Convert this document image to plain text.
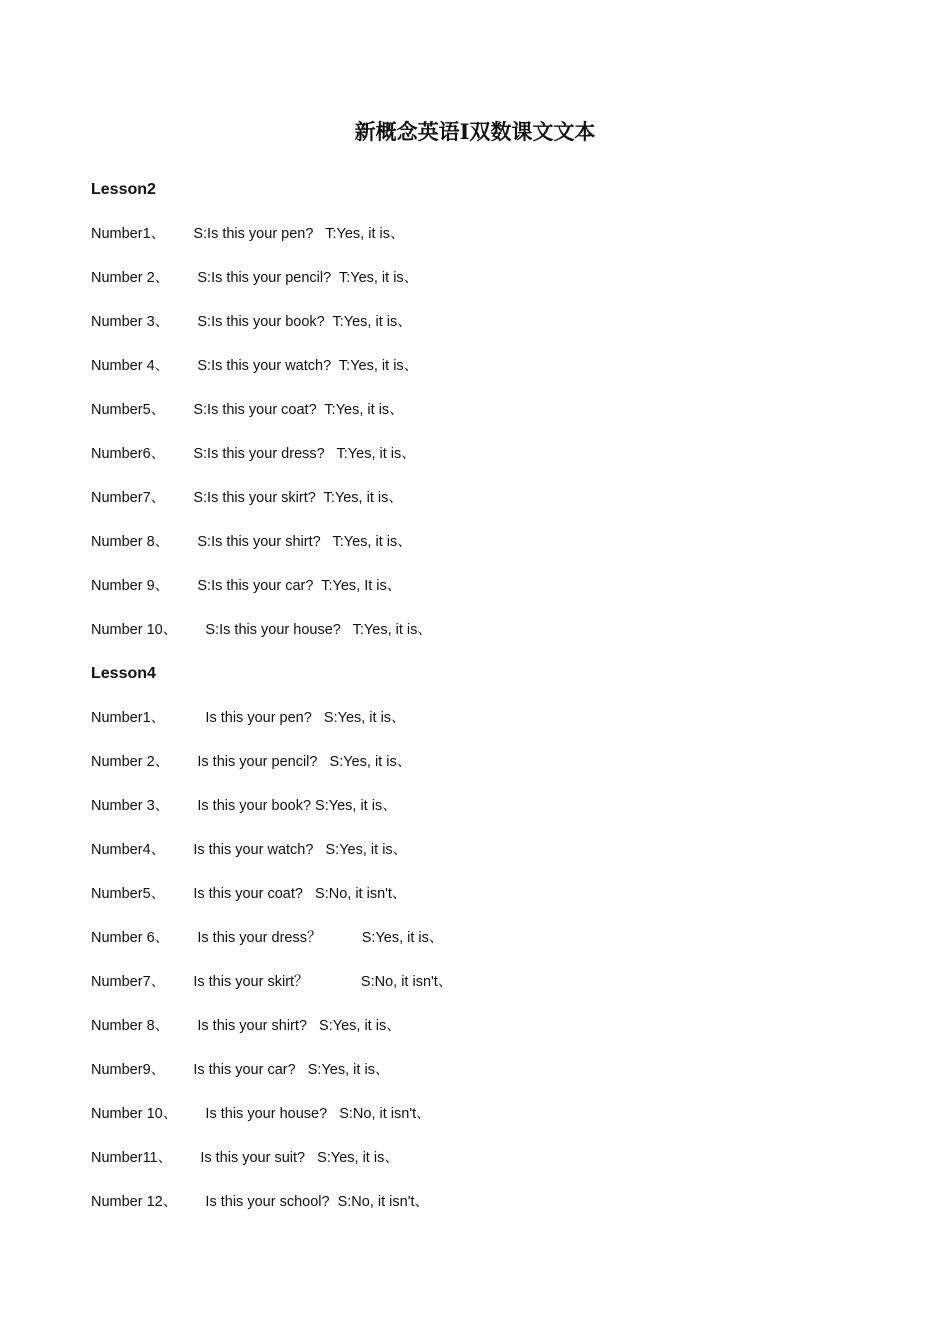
新概念英语Ⅰ双数课文文本
Lesson2
Number1、       S:Is this your pen?   T:Yes, it is、
Number 2、       S:Is this your pencil?  T:Yes, it is、
Number 3、       S:Is this your book?  T:Yes, it is、
Number 4、       S:Is this your watch?  T:Yes, it is、
Number5、       S:Is this your coat?  T:Yes, it is、
Number6、       S:Is this your dress?   T:Yes, it is、
Number7、       S:Is this your skirt?  T:Yes, it is、
Number 8、       S:Is this your shirt?   T:Yes, it is、
Number 9、       S:Is this your car?  T:Yes, It is、
Number 10、       S:Is this your house?   T:Yes, it is、
Lesson4
Number1、          Is this your pen?   S:Yes, it is、
Number 2、       Is this your pencil?   S:Yes, it is、
Number 3、       Is this your book? S:Yes, it is、
Number4、       Is this your watch?   S:Yes, it is、
Number5、       Is this your coat?   S:No, it isn't、
Number 6、       Is this your dress？          S:Yes, it is、
Number7、       Is this your skirt？             S:No, it isn't、
Number 8、       Is this your shirt?   S:Yes, it is、
Number9、       Is this your car?   S:Yes, it is、
Number 10、       Is this your house?   S:No, it isn't、
Number11、       Is this your suit?   S:Yes, it is、
Number 12、       Is this your school?  S:No, it isn't、
